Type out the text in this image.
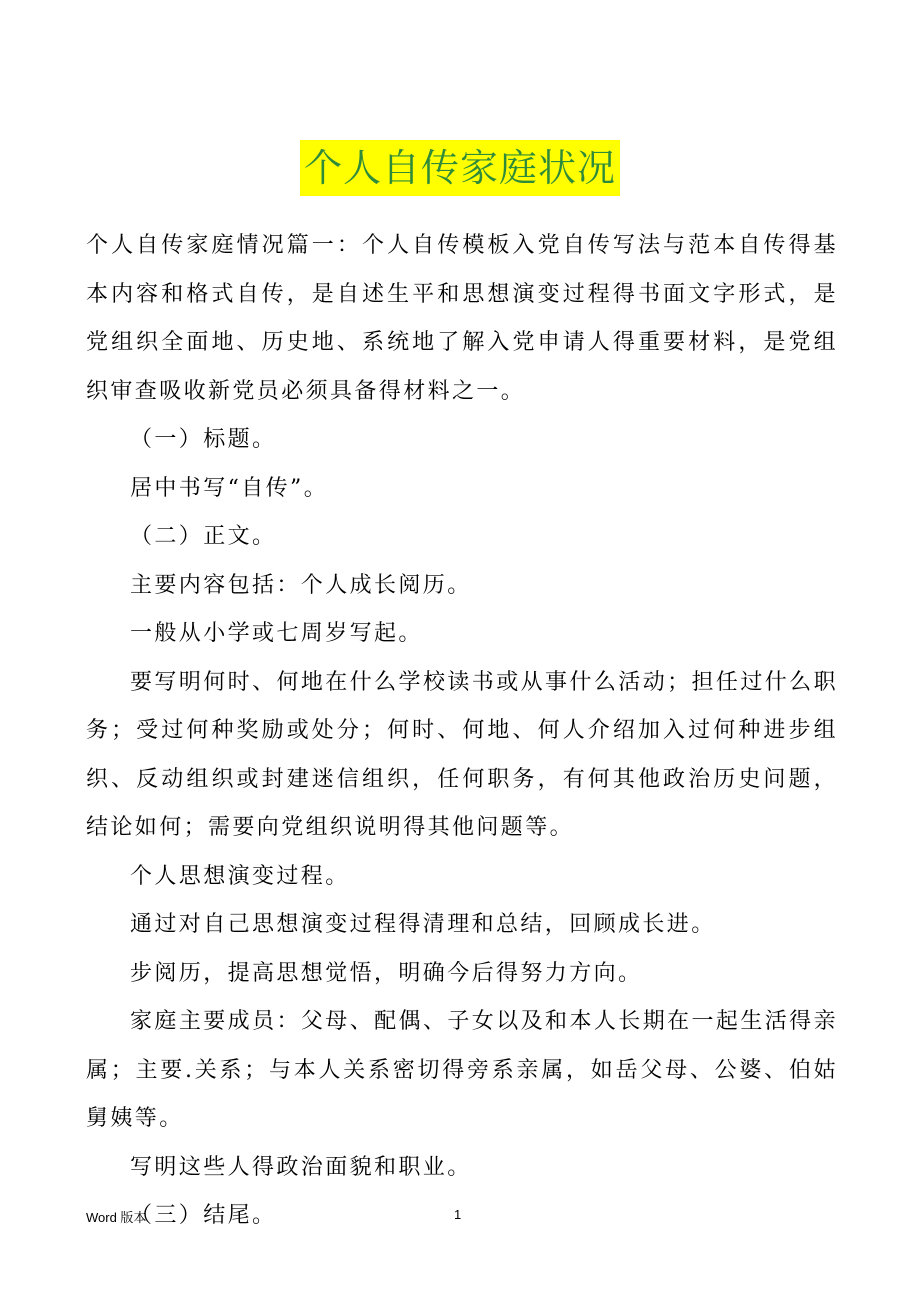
个人自传家庭状况

个人自传家庭情况篇一：个人自传模板入党自传写法与范本自传得基本内容和格式自传，是自述生平和思想演变过程得书面文字形式，是党组织全面地、历史地、系统地了解入党申请人得重要材料，是党组织审查吸收新党员必须具备得材料之一。

（一）标题。

居中书写“自传”。

（二）正文。

主要内容包括：个人成长阅历。

一般从小学或七周岁写起。

要写明何时、何地在什么学校读书或从事什么活动；担任过什么职务；受过何种奖励或处分；何时、何地、何人介绍加入过何种进步组织、反动组织或封建迷信组织，任何职务，有何其他政治历史问题，结论如何；需要向党组织说明得其他问题等。

个人思想演变过程。

通过对自己思想演变过程得清理和总结，回顾成长进。

步阅历，提高思想觉悟，明确今后得努力方向。

家庭主要成员：父母、配偶、子女以及和本人长期在一起生活得亲属；主要.关系；与本人关系密切得旁系亲属，如岳父母、公婆、伯姑舅姨等。

写明这些人得政治面貌和职业。

（三）结尾。

Word 版本	1
